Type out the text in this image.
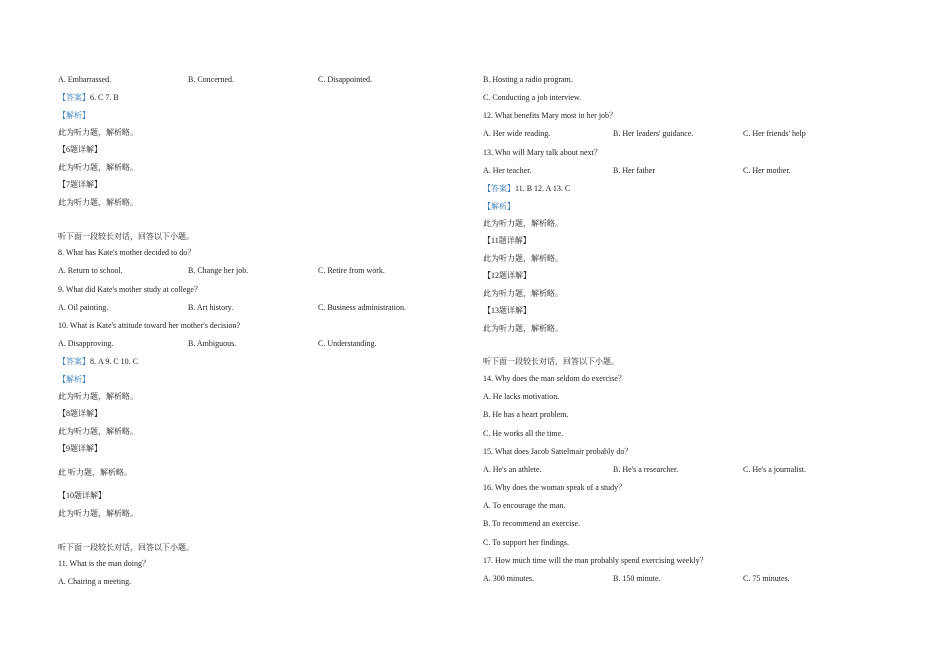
A. Embarrassed.	B. Concerned.	C. Disappointed.
【答案】6. C 7. B
【解析】
此为听力题，解析略。
【6题详解】
此为听力题，解析略。
【7题详解】
此为听力题，解析略。
听下面一段较长对话，回答以下小题。
8. What has Kate's mother decided to do？
A. Return to school.	B. Change her job.	C. Retire from work.
9. What did Kate's mother study at college？
A. Oil painting.	B. Art history.	C. Business administration.
10. What is Kate's attitude toward her mother's decision?
A. Disapproving.	B. Ambiguous.	C. Understanding.
【答案】8. A 9. C 10. C
【解析】
此为听力题，解析略。
【8题详解】
此为听力题，解析略。
【9题详解】
此 听力题，解析略。
【10题详解】
此为听力题，解析略。
听下面一段较长对话，回答以下小题。
11. What is the man doing？
A. Chairing a meeting.
B. Hosting a radio program.
C. Conducting a job interview.
12. What benefits Mary most in her job？
A. Her wide reading.	B. Her leaders' guidance.	C. Her friends' help
13. Who will Mary talk about next？
A. Her teacher.	B. Her father	C. Her mother.
【答案】11. B 12. A 13. C
【解析】
此为听力题，解析略。
【11题详解】
此为听力题，解析略。
【12题详解】
此为听力题，解析略。
【13题详解】
此为听力题，解析略。
听下面一段较长对话，回答以下小题。
14. Why does the man seldom do exercise？
A. He lacks motivation.
B. He has a heart problem.
C. He works all the time.
15. What does Jacob Sattelmair probably do？
A. He's an athlete.	B. He's a researcher.	C. He's a journalist.
16. Why does the woman speak of a study？
A. To encourage the man.
B. To recommend an exercise.
C. To support her findings.
17. How much time will the man probably spend exercising weekly？
A. 300 minutes.	B. 150 minute.	C. 75 minutes.
